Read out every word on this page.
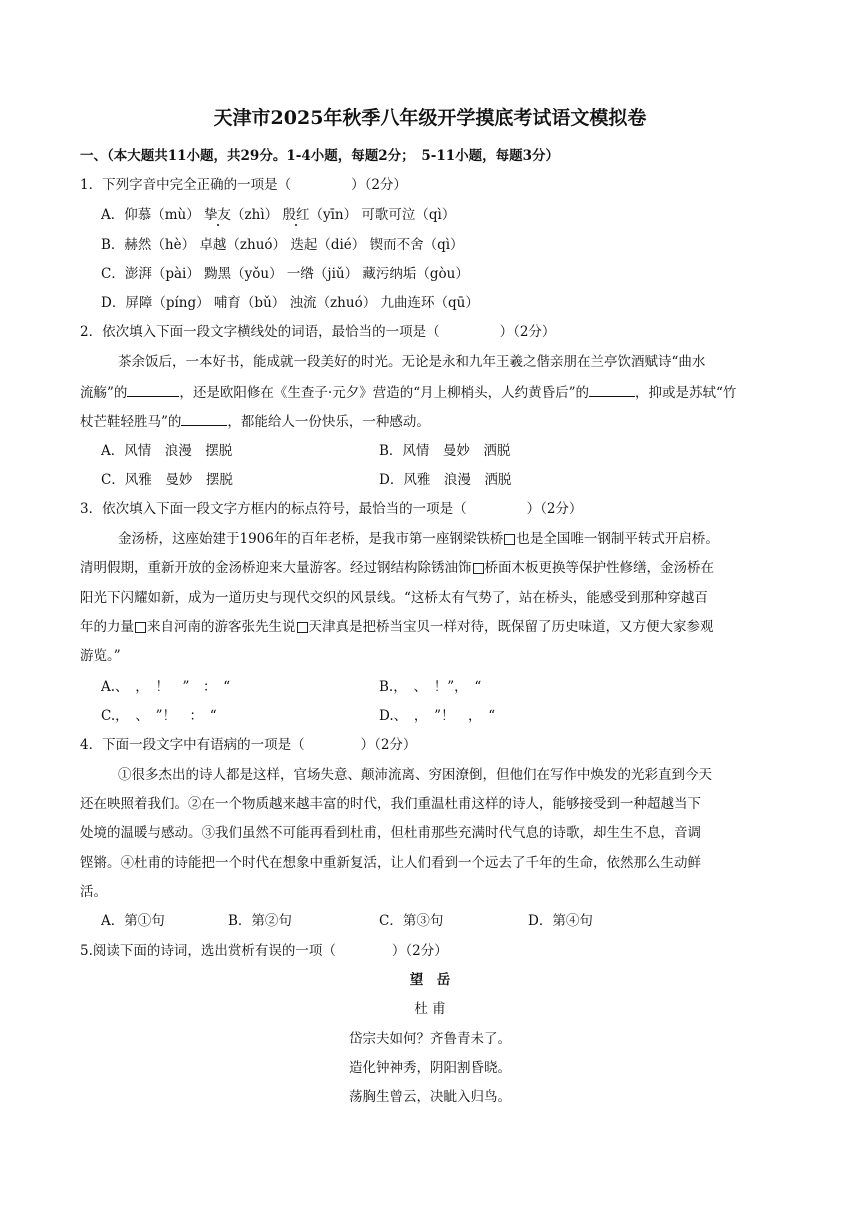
天津市2025年秋季八年级开学摸底考试语文模拟卷
一、（本大题共11小题，共29分。1-4小题，每题2分；　5-11小题，每题3分）
1．下列字音中完全正确的一项是（	）（2分）
A．仰慕（mù） 挚友（zhì） 殷红（yīn） 可歌可泣（qì）
B．赫然（hè） 卓越（zhuó） 迭起（dié） 锲而不舍（qì）
C．澎湃（pài） 黝黑（yǒu） 一绺（jiǔ） 藏污纳垢（gòu）
D．屏障（píng） 哺育（bǔ） 浊流（zhuó） 九曲连环（qū）
2．依次填入下面一段文字横线处的词语，最恰当的一项是（	）（2分）
茶余饭后，一本好书，能成就一段美好的时光。无论是永和九年王羲之偕亲朋在兰亭饮酒赋诗“曲水
流觞”的	，还是欧阳修在《生查子·元夕》营造的“月上柳梢头，人约黄昏后”的	，抑或是苏轼“竹
杖芒鞋轻胜马”的	，都能给人一份快乐，一种感动。
A．风情　浪漫　摆脱	B．风情　曼妙　洒脱
C．风雅　曼妙　摆脱	D．风雅　浪漫　洒脱
3．依次填入下面一段文字方框内的标点符号，最恰当的一项是（	）（2分）
金汤桥，这座始建于1906年的百年老桥，是我市第一座钢梁铁桥 也是全国唯一钢制平转式开启桥。
清明假期，重新开放的金汤桥迎来大量游客。经过钢结构除锈油饰 桥面木板更换等保护性修缮，金汤桥在
阳光下闪耀如新，成为一道历史与现代交织的风景线。“这桥太有气势了，站在桥头，能感受到那种穿越百
年的力量 来自河南的游客张先生说 天津真是把桥当宝贝一样对待，既保留了历史味道，又方便大家参观
游览。”
A.、　，　！　”　：　“	B.，　、　！”，　“
C.，　、　”！　：　“	D.、　，　”！　，　“
4．下面一段文字中有语病的一项是（	）（2分）
①很多杰出的诗人都是这样，官场失意、颠沛流离、穷困潦倒，但他们在写作中焕发的光彩直到今天
还在映照着我们。②在一个物质越来越丰富的时代，我们重温杜甫这样的诗人，能够接受到一种超越当下
处境的温暖与感动。③我们虽然不可能再看到杜甫，但杜甫那些充满时代气息的诗歌，却生生不息，音调
铿锵。④杜甫的诗能把一个时代在想象中重新复活，让人们看到一个远去了千年的生命，依然那么生动鲜
活。
A．第①句	B．第②句	C．第③句	D．第④句
5.阅读下面的诗词，选出赏析有误的一项（	）（2分）
望　岳
杜 甫
岱宗夫如何？齐鲁青未了。
造化钟神秀，阴阳割昏晓。
荡胸生曾云，决眦入归鸟。
